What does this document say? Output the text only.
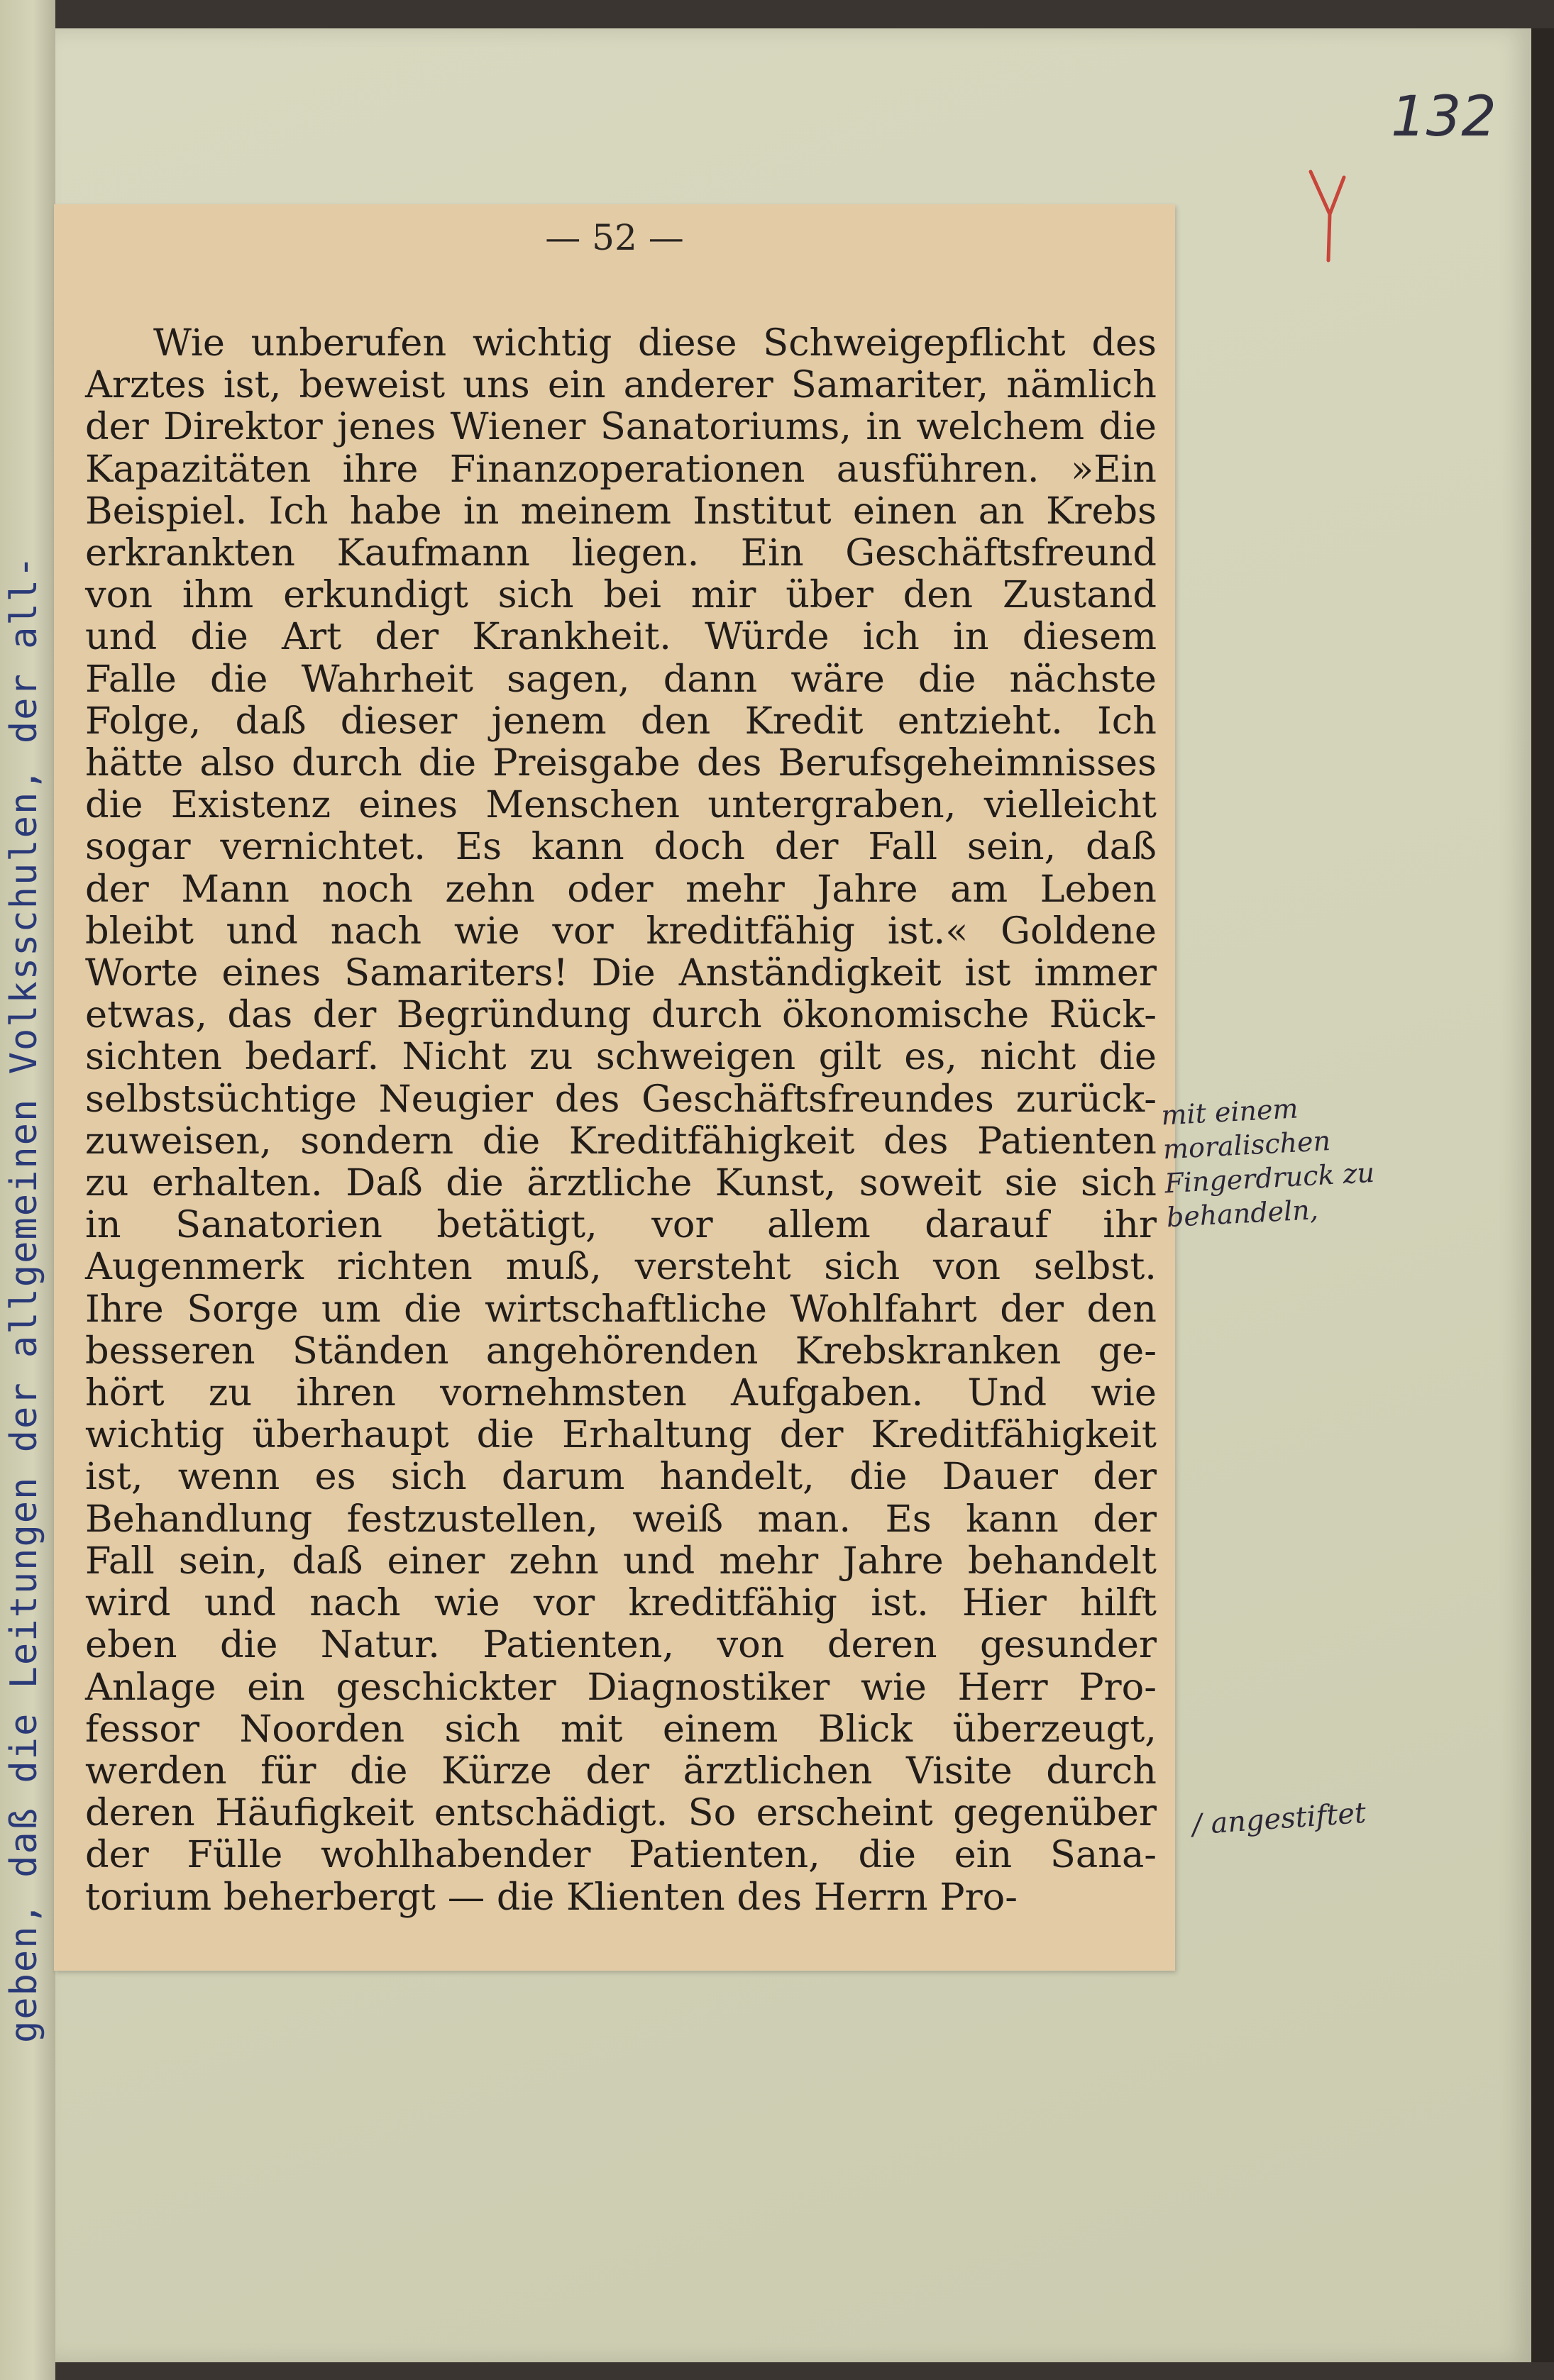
geben, daß die Leitungen der allgemeinen Volksschulen, der all-
132
— 52 —
Wie unberufen wichtig diese Schweigepflicht des
Arztes ist, beweist uns ein anderer Samariter, nämlich
der Direktor jenes Wiener Sanatoriums, in welchem die
Kapazitäten ihre Finanzoperationen ausführen. »Ein
Beispiel. Ich habe in meinem Institut einen an Krebs
erkrankten Kaufmann liegen. Ein Geschäftsfreund
von ihm erkundigt sich bei mir über den Zustand
und die Art der Krankheit. Würde ich in diesem
Falle die Wahrheit sagen, dann wäre die nächste
Folge, daß dieser jenem den Kredit entzieht. Ich
hätte also durch die Preisgabe des Berufsgeheimnisses
die Existenz eines Menschen untergraben, vielleicht
sogar vernichtet. Es kann doch der Fall sein, daß
der Mann noch zehn oder mehr Jahre am Leben
bleibt und nach wie vor kreditfähig ist.« Goldene
Worte eines Samariters! Die Anständigkeit ist immer
etwas, das der Begründung durch ökonomische Rück-
sichten bedarf. Nicht zu schweigen gilt es, nicht die
selbstsüchtige Neugier des Geschäftsfreundes zurück-
zuweisen, sondern die Kreditfähigkeit des Patienten
zu erhalten. Daß die ärztliche Kunst, soweit sie sich
in Sanatorien betätigt, vor allem darauf ihr
Augenmerk richten muß, versteht sich von selbst.
Ihre Sorge um die wirtschaftliche Wohlfahrt der den
besseren Ständen angehörenden Krebskranken ge-
hört zu ihren vornehmsten Aufgaben. Und wie
wichtig überhaupt die Erhaltung der Kreditfähigkeit
ist, wenn es sich darum handelt, die Dauer der
Behandlung festzustellen, weiß man. Es kann der
Fall sein, daß einer zehn und mehr Jahre behandelt
wird und nach wie vor kreditfähig ist. Hier hilft
eben die Natur. Patienten, von deren gesunder
Anlage ein geschickter Diagnostiker wie Herr Pro-
fessor Noorden sich mit einem Blick überzeugt,
werden für die Kürze der ärztlichen Visite durch
deren Häufigkeit entschädigt. So erscheint gegenüber
der Fülle wohlhabender Patienten, die ein Sana-
torium beherbergt — die Klienten des Herrn Pro-
mit einem moralischen Fingerdruck zu behandeln,
/ angestiftet
